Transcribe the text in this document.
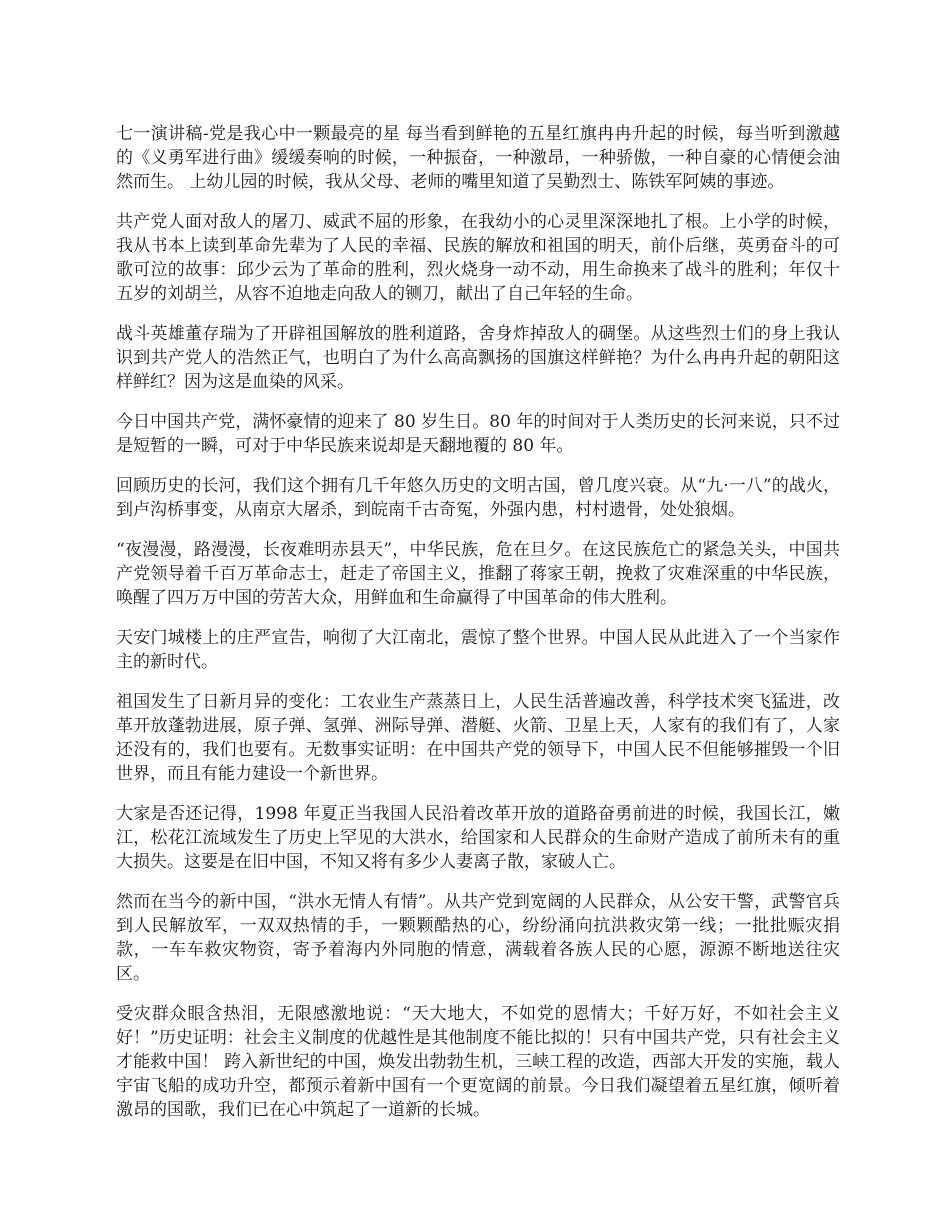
七一演讲稿-党是我心中一颗最亮的星 每当看到鲜艳的五星红旗冉冉升起的时候，每当听到激越的《义勇军进行曲》缓缓奏响的时候，一种振奋，一种激昂，一种骄傲，一种自豪的心情便会油然而生。 上幼儿园的时候，我从父母、老师的嘴里知道了吴勤烈士、陈铁军阿姨的事迹。

共产党人面对敌人的屠刀、威武不屈的形象，在我幼小的心灵里深深地扎了根。上小学的时候，我从书本上读到革命先辈为了人民的幸福、民族的解放和祖国的明天，前仆后继，英勇奋斗的可歌可泣的故事：邱少云为了革命的胜利，烈火烧身一动不动，用生命换来了战斗的胜利；年仅十五岁的刘胡兰，从容不迫地走向敌人的铡刀，献出了自己年轻的生命。

战斗英雄董存瑞为了开辟祖国解放的胜利道路，舍身炸掉敌人的碉堡。从这些烈士们的身上我认识到共产党人的浩然正气，也明白了为什么高高飘扬的国旗这样鲜艳？为什么冉冉升起的朝阳这样鲜红？因为这是血染的风采。

今日中国共产党，满怀豪情的迎来了 80 岁生日。80 年的时间对于人类历史的长河来说，只不过是短暂的一瞬，可对于中华民族来说却是天翻地覆的 80 年。

回顾历史的长河，我们这个拥有几千年悠久历史的文明古国，曾几度兴衰。从“九·一八”的战火，到卢沟桥事变，从南京大屠杀，到皖南千古奇冤，外强内患，村村遗骨，处处狼烟。

“夜漫漫，路漫漫，长夜难明赤县天”，中华民族，危在旦夕。在这民族危亡的紧急关头，中国共产党领导着千百万革命志士，赶走了帝国主义，推翻了蒋家王朝，挽救了灾难深重的中华民族，唤醒了四万万中国的劳苦大众，用鲜血和生命赢得了中国革命的伟大胜利。

天安门城楼上的庄严宣告，响彻了大江南北，震惊了整个世界。中国人民从此进入了一个当家作主的新时代。

祖国发生了日新月异的变化：工农业生产蒸蒸日上，人民生活普遍改善，科学技术突飞猛进，改革开放蓬勃进展，原子弹、氢弹、洲际导弹、潜艇、火箭、卫星上天，人家有的我们有了，人家还没有的，我们也要有。无数事实证明：在中国共产党的领导下，中国人民不但能够摧毁一个旧世界，而且有能力建设一个新世界。

大家是否还记得，1998 年夏正当我国人民沿着改革开放的道路奋勇前进的时候，我国长江，嫩江，松花江流域发生了历史上罕见的大洪水，给国家和人民群众的生命财产造成了前所未有的重大损失。这要是在旧中国，不知又将有多少人妻离子散，家破人亡。

然而在当今的新中国，“洪水无情人有情”。从共产党到宽阔的人民群众，从公安干警，武警官兵到人民解放军，一双双热情的手，一颗颗酷热的心，纷纷涌向抗洪救灾第一线；一批批赈灾捐款，一车车救灾物资，寄予着海内外同胞的情意，满载着各族人民的心愿，源源不断地送往灾区。

受灾群众眼含热泪，无限感激地说：“天大地大，不如党的恩情大；千好万好，不如社会主义好！”历史证明：社会主义制度的优越性是其他制度不能比拟的！只有中国共产党，只有社会主义才能救中国！ 跨入新世纪的中国，焕发出勃勃生机，三峡工程的改造，西部大开发的实施，载人宇宙飞船的成功升空，都预示着新中国有一个更宽阔的前景。今日我们凝望着五星红旗，倾听着激昂的国歌，我们已在心中筑起了一道新的长城。
